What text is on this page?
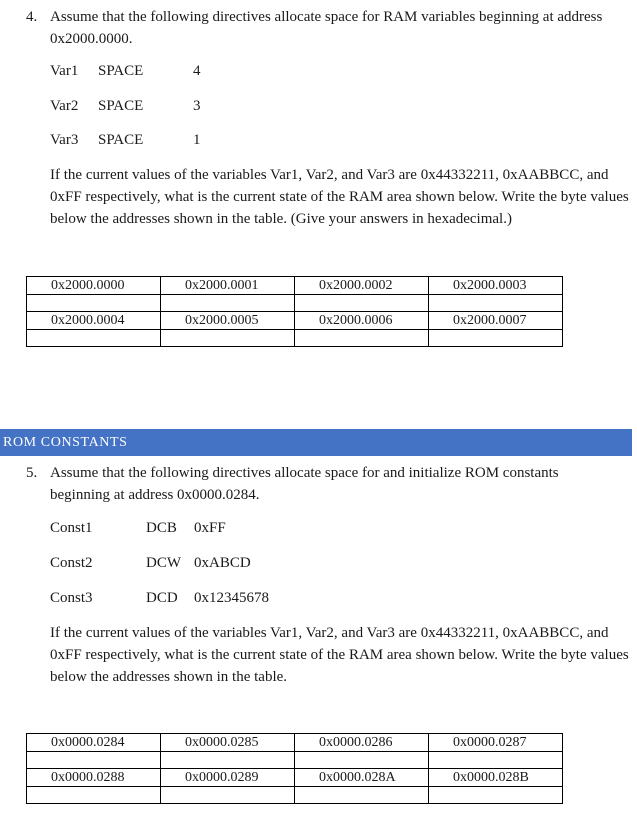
4. Assume that the following directives allocate space for RAM variables beginning at address 0x2000.0000.
Var1 SPACE	4
Var2 SPACE	3
Var3 SPACE	1
If the current values of the variables Var1, Var2, and Var3 are 0x44332211, 0xAABBCC, and 0xFF respectively, what is the current state of the RAM area shown below. Write the byte values below the addresses shown in the table. (Give your answers in hexadecimal.)
0x2000.0000	0x2000.0001	0x2000.0002	0x2000.0003

0x2000.0004	0x2000.0005	0x2000.0006	0x2000.0007

ROM CONSTANTS
5. Assume that the following directives allocate space for and initialize ROM constants beginning at address 0x0000.0284.
Const1	DCB 0xFF
Const2	DCW 0xABCD
Const3	DCD 0x12345678
If the current values of the variables Var1, Var2, and Var3 are 0x44332211, 0xAABBCC, and 0xFF respectively, what is the current state of the RAM area shown below. Write the byte values below the addresses shown in the table.
0x0000.0284	0x0000.0285	0x0000.0286	0x0000.0287

0x0000.0288	0x0000.0289	0x0000.028A	0x0000.028B
